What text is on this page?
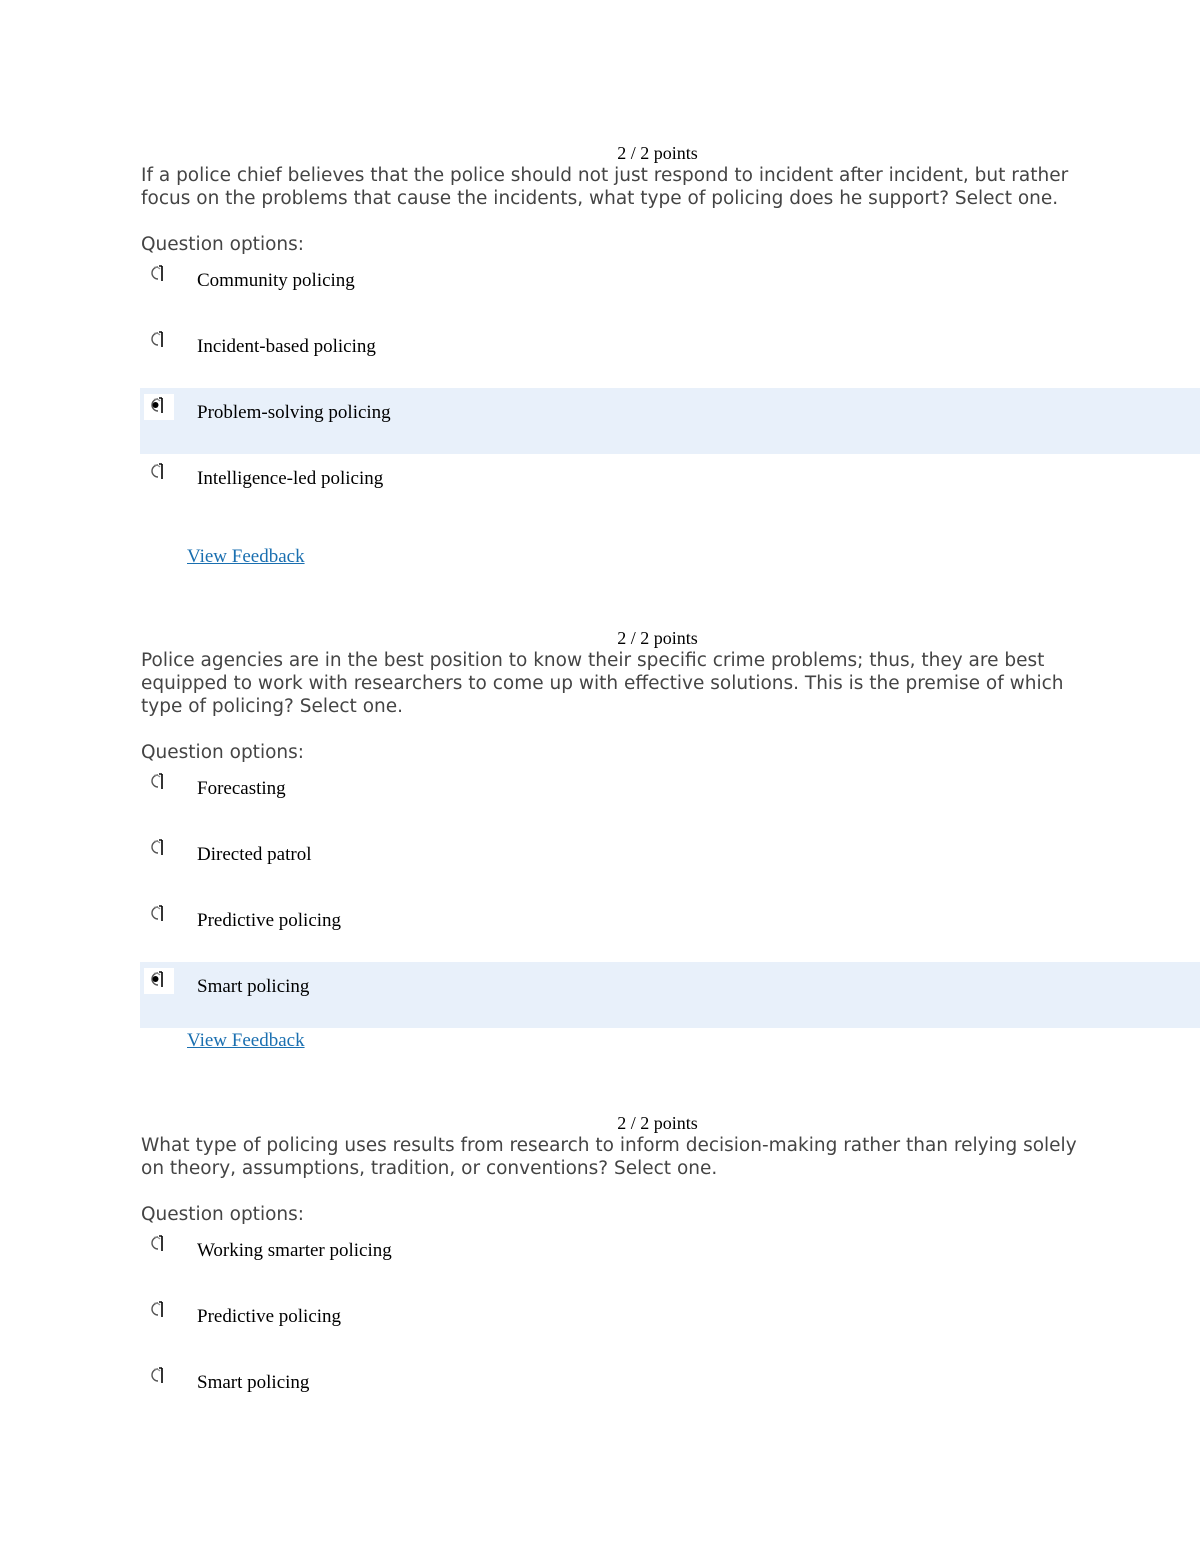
2 / 2 points
If a police chief believes that the police should not just respond to incident after incident, but rather focus on the problems that cause the incidents, what type of policing does he support? Select one.
Question options:
Community policing
Incident-based policing
Problem-solving policing
Intelligence-led policing
View Feedback
2 / 2 points
Police agencies are in the best position to know their specific crime problems; thus, they are best equipped to work with researchers to come up with effective solutions. This is the premise of which type of policing? Select one.
Question options:
Forecasting
Directed patrol
Predictive policing
Smart policing
View Feedback
2 / 2 points
What type of policing uses results from research to inform decision-making rather than relying solely on theory, assumptions, tradition, or conventions? Select one.
Question options:
Working smarter policing
Predictive policing
Smart policing
